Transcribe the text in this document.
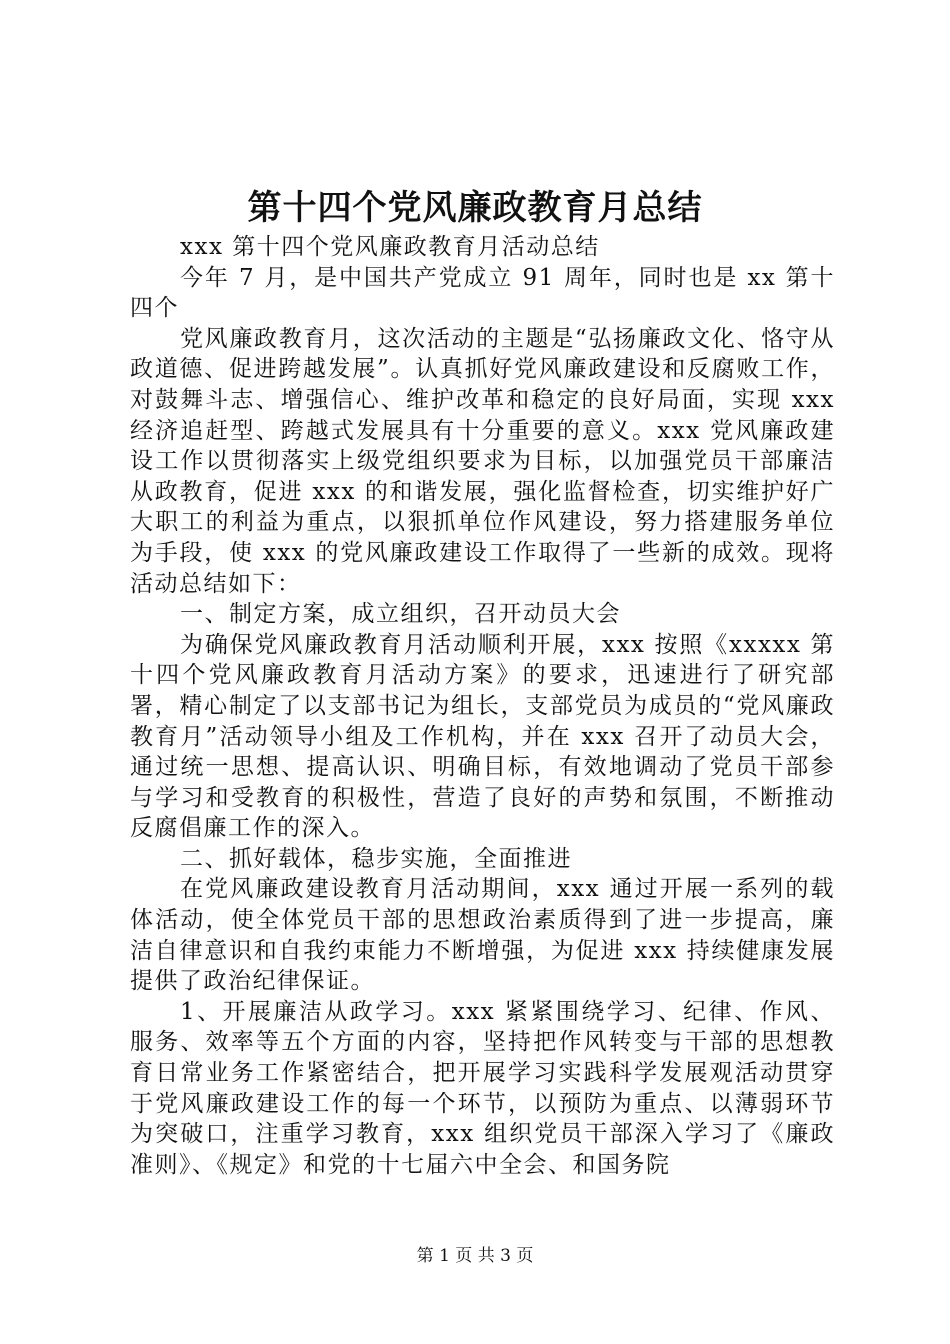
第十四个党风廉政教育月总结

xxx 第十四个党风廉政教育月活动总结

今年 7 月，是中国共产党成立 91 周年，同时也是 xx 第十四个

党风廉政教育月，这次活动的主题是“弘扬廉政文化、恪守从政道德、促进跨越发展”。认真抓好党风廉政建设和反腐败工作，对鼓舞斗志、增强信心、维护改革和稳定的良好局面，实现 xxx 经济追赶型、跨越式发展具有十分重要的意义。xxx 党风廉政建设工作以贯彻落实上级党组织要求为目标，以加强党员干部廉洁从政教育，促进 xxx 的和谐发展，强化监督检查，切实维护好广大职工的利益为重点，以狠抓单位作风建设，努力搭建服务单位为手段，使 xxx 的党风廉政建设工作取得了一些新的成效。现将活动总结如下：

一、制定方案，成立组织，召开动员大会

为确保党风廉政教育月活动顺利开展，xxx 按照《xxxxx 第十四个党风廉政教育月活动方案》的要求，迅速进行了研究部署，精心制定了以支部书记为组长，支部党员为成员的“党风廉政教育月”活动领导小组及工作机构，并在 xxx 召开了动员大会，通过统一思想、提高认识、明确目标，有效地调动了党员干部参与学习和受教育的积极性，营造了良好的声势和氛围，不断推动反腐倡廉工作的深入。

二、抓好载体，稳步实施，全面推进

在党风廉政建设教育月活动期间，xxx 通过开展一系列的载体活动，使全体党员干部的思想政治素质得到了进一步提高，廉洁自律意识和自我约束能力不断增强，为促进 xxx 持续健康发展提供了政治纪律保证。

1、开展廉洁从政学习。xxx 紧紧围绕学习、纪律、作风、服务、效率等五个方面的内容，坚持把作风转变与干部的思想教育日常业务工作紧密结合，把开展学习实践科学发展观活动贯穿于党风廉政建设工作的每一个环节，以预防为重点、以薄弱环节为突破口，注重学习教育，xxx 组织党员干部深入学习了《廉政准则》、《规定》和党的十七届六中全会、和国务院

第 1 页 共 3 页
